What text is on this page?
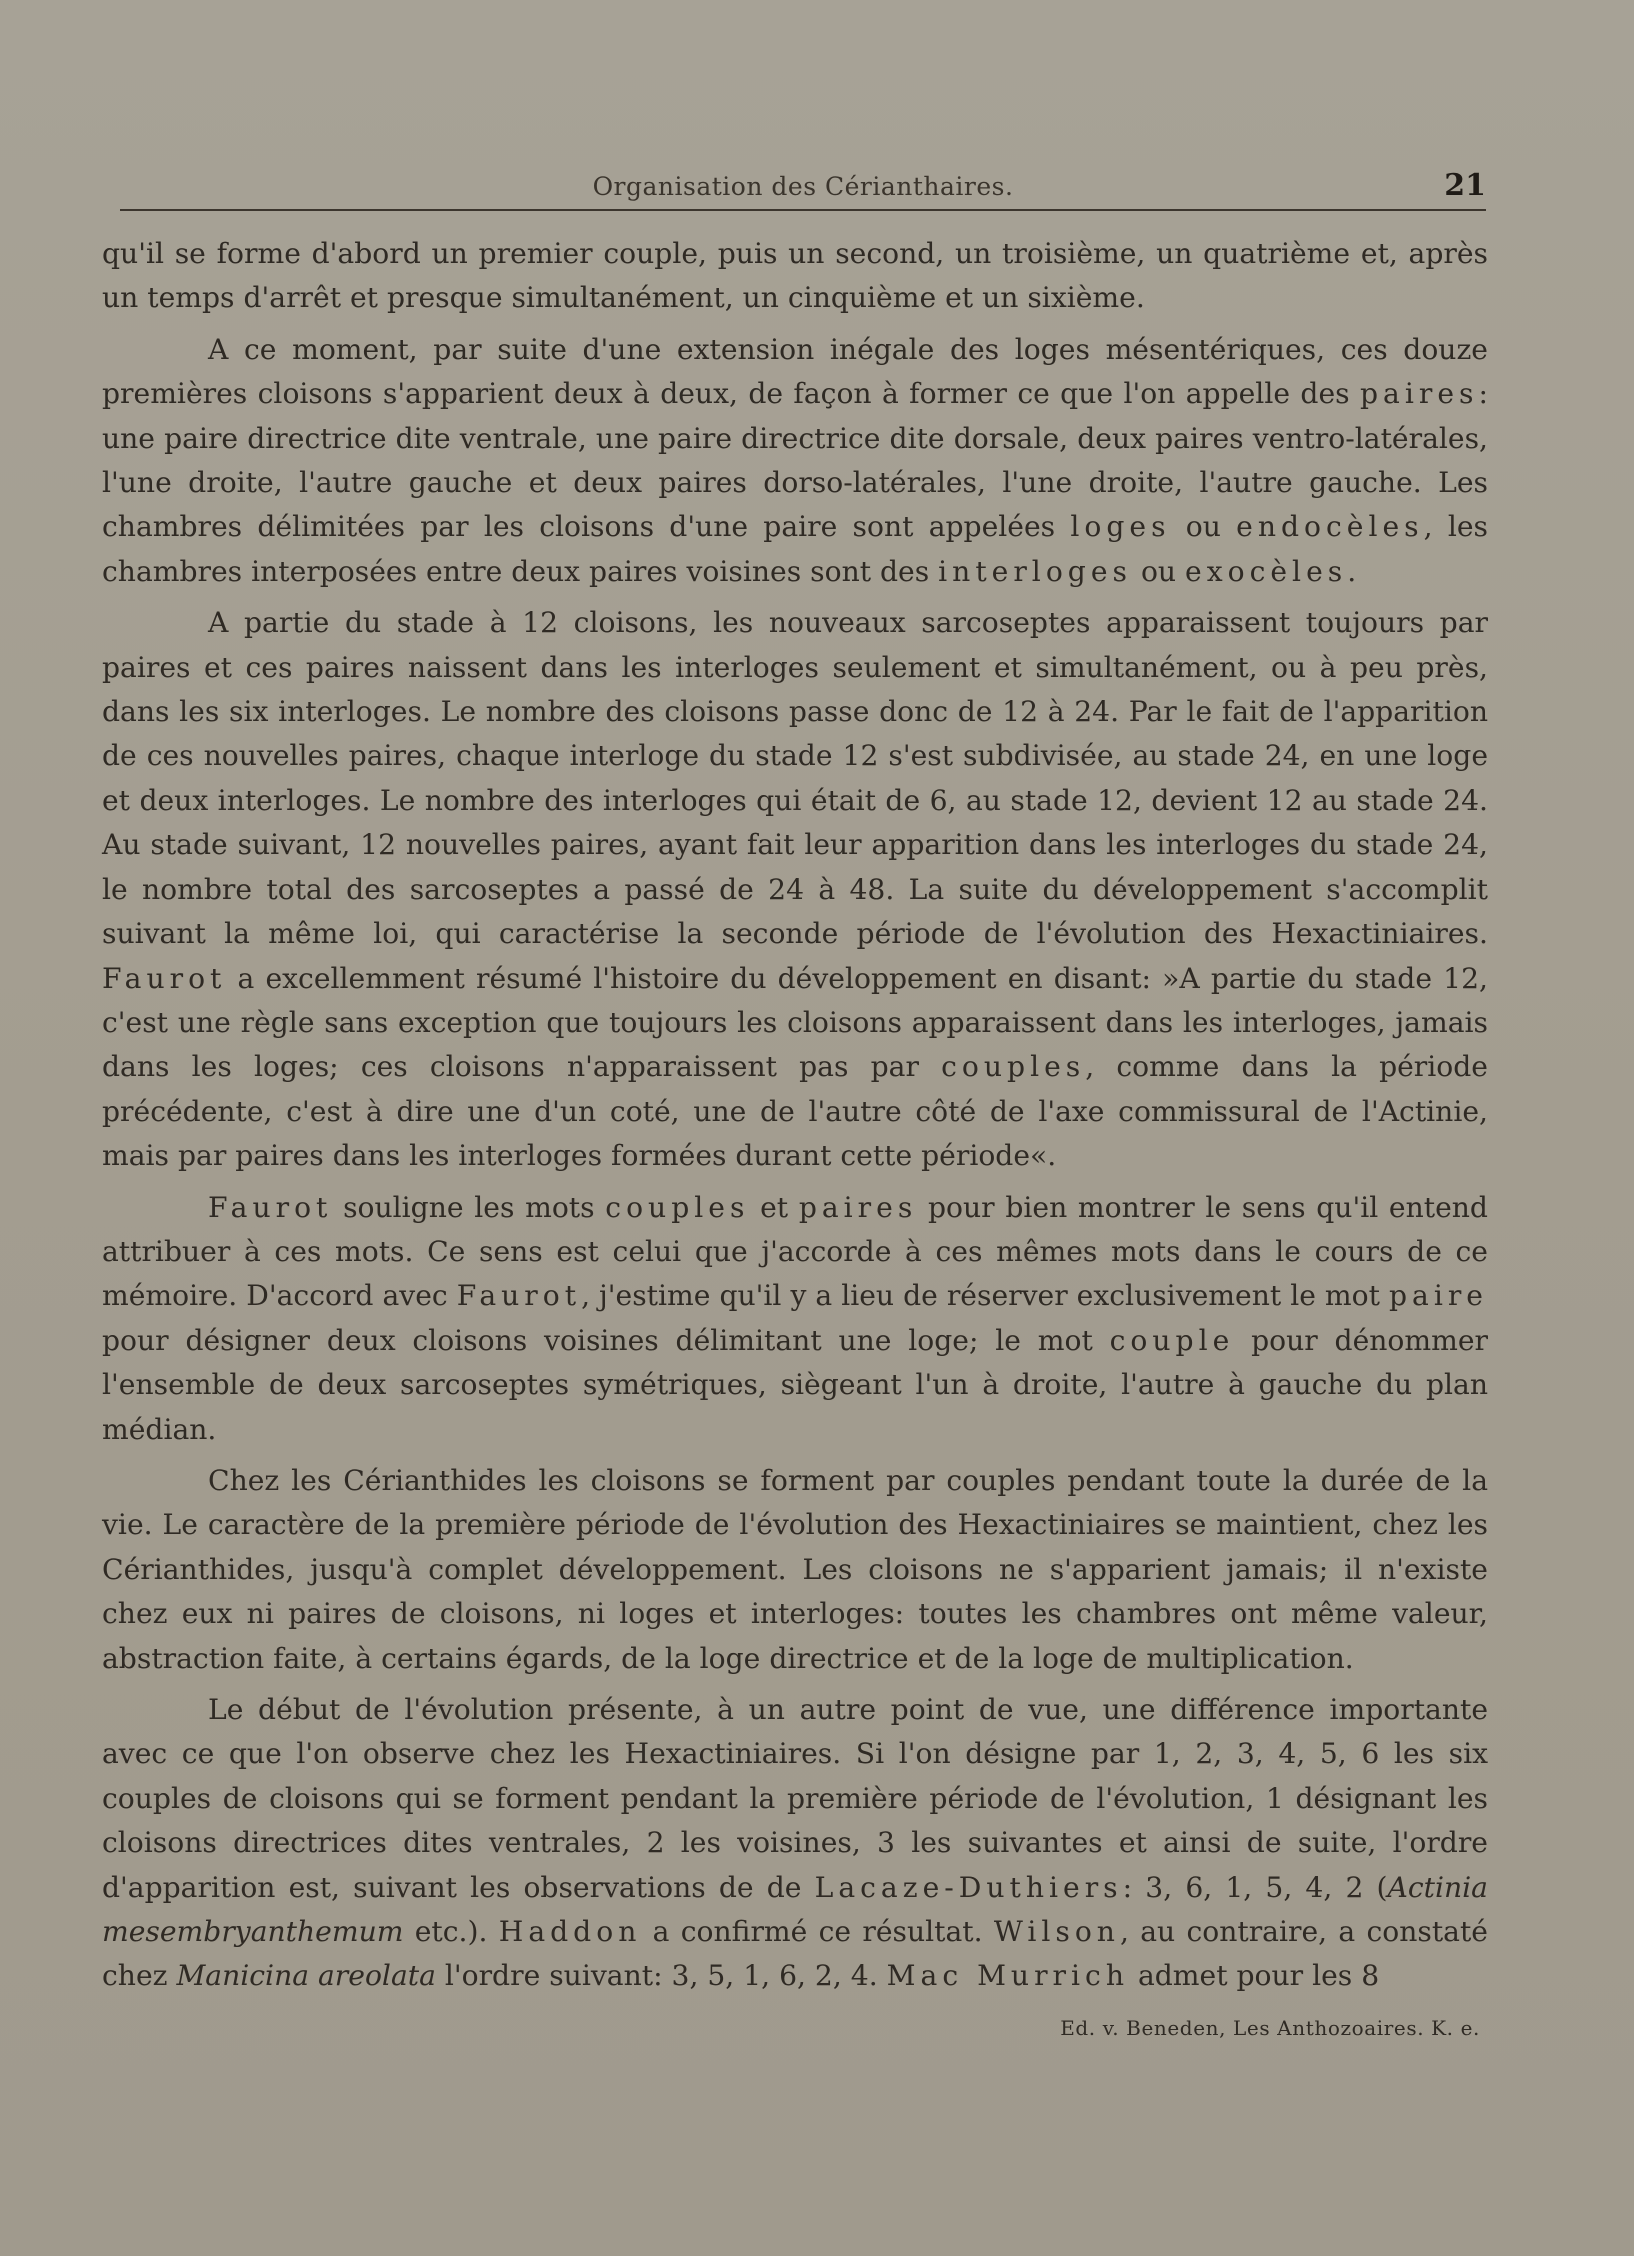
Organisation des Cérianthaires.	21

qu'il se forme d'abord un premier couple, puis un second, un troisième, un quatrième et, après un temps d'arrêt et presque simultanément, un cinquième et un sixième.

A ce moment, par suite d'une extension inégale des loges mésentériques, ces douze premières cloisons s'apparient deux à deux, de façon à former ce que l'on appelle des paires: une paire directrice dite ventrale, une paire directrice dite dorsale, deux paires ventro-latérales, l'une droite, l'autre gauche et deux paires dorso-latérales, l'une droite, l'autre gauche. Les chambres délimitées par les cloisons d'une paire sont appelées loges ou endocèles, les chambres interposées entre deux paires voisines sont des interloges ou exocèles.

A partie du stade à 12 cloisons, les nouveaux sarcoseptes apparaissent toujours par paires et ces paires naissent dans les interloges seulement et simultanément, ou à peu près, dans les six interloges. Le nombre des cloisons passe donc de 12 à 24. Par le fait de l'apparition de ces nouvelles paires, chaque interloge du stade 12 s'est subdivisée, au stade 24, en une loge et deux interloges. Le nombre des interloges qui était de 6, au stade 12, devient 12 au stade 24. Au stade suivant, 12 nouvelles paires, ayant fait leur apparition dans les interloges du stade 24, le nombre total des sarcoseptes a passé de 24 à 48. La suite du développement s'accomplit suivant la même loi, qui caractérise la seconde période de l'évolution des Hexactiniaires. Faurot a excellemment résumé l'histoire du développement en disant: »A partie du stade 12, c'est une règle sans exception que toujours les cloisons apparaissent dans les interloges, jamais dans les loges; ces cloisons n'apparaissent pas par couples, comme dans la période précédente, c'est à dire une d'un coté, une de l'autre côté de l'axe commissural de l'Actinie, mais par paires dans les interloges formées durant cette période«.

Faurot souligne les mots couples et paires pour bien montrer le sens qu'il entend attribuer à ces mots. Ce sens est celui que j'accorde à ces mêmes mots dans le cours de ce mémoire. D'accord avec Faurot, j'estime qu'il y a lieu de réserver exclusivement le mot paire pour désigner deux cloisons voisines délimitant une loge; le mot couple pour dénommer l'ensemble de deux sarcoseptes symétriques, siègeant l'un à droite, l'autre à gauche du plan médian.

Chez les Cérianthides les cloisons se forment par couples pendant toute la durée de la vie. Le caractère de la première période de l'évolution des Hexactiniaires se maintient, chez les Cérianthides, jusqu'à complet développement. Les cloisons ne s'apparient jamais; il n'existe chez eux ni paires de cloisons, ni loges et interloges: toutes les chambres ont même valeur, abstraction faite, à certains égards, de la loge directrice et de la loge de multiplication.

Le début de l'évolution présente, à un autre point de vue, une différence importante avec ce que l'on observe chez les Hexactiniaires. Si l'on désigne par 1, 2, 3, 4, 5, 6 les six couples de cloisons qui se forment pendant la première période de l'évolution, 1 désignant les cloisons directrices dites ventrales, 2 les voisines, 3 les suivantes et ainsi de suite, l'ordre d'apparition est, suivant les observations de de Lacaze-Duthiers: 3, 6, 1, 5, 4, 2 (Actinia mesembryanthemum etc.). Haddon a confirmé ce résultat. Wilson, au contraire, a constaté chez Manicina areolata l'ordre suivant: 3, 5, 1, 6, 2, 4. Mac Murrich admet pour les 8

Ed. v. Beneden, Les Anthozoaires. K. e.
